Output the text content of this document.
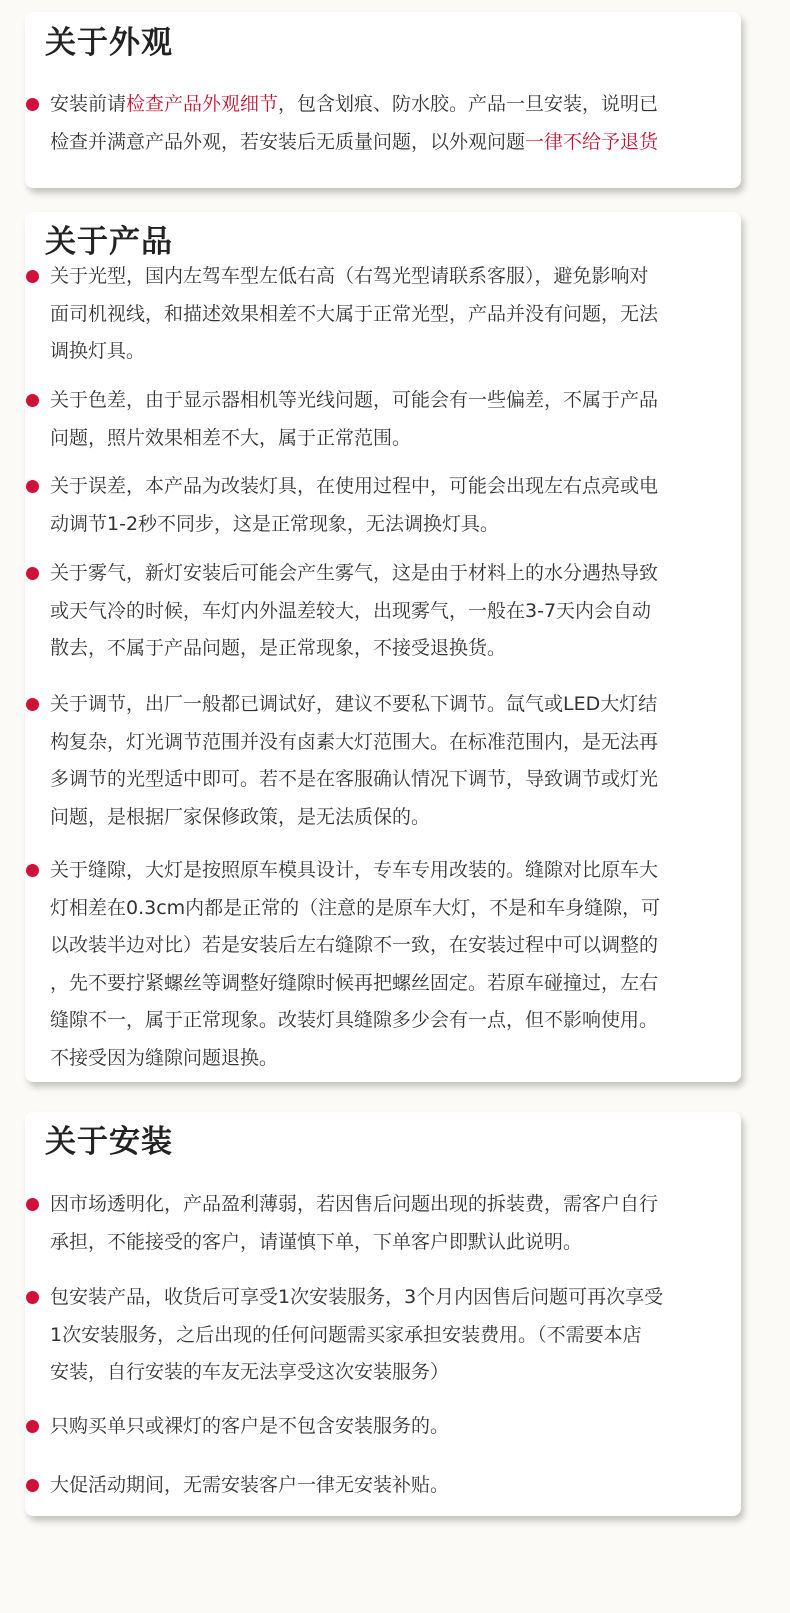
关于外观

安装前请检查产品外观细节，包含划痕、防水胶。产品一旦安装，说明已
检查并满意产品外观，若安装后无质量问题，以外观问题一律不给予退货

关于产品

关于光型，国内左驾车型左低右高（右驾光型请联系客服），避免影响对
面司机视线，和描述效果相差不大属于正常光型，产品并没有问题，无法
调换灯具。

关于色差，由于显示器相机等光线问题，可能会有一些偏差，不属于产品
问题，照片效果相差不大，属于正常范围。

关于误差，本产品为改装灯具，在使用过程中，可能会出现左右点亮或电
动调节1-2秒不同步，这是正常现象，无法调换灯具。

关于雾气，新灯安装后可能会产生雾气，这是由于材料上的水分遇热导致
或天气冷的时候，车灯内外温差较大，出现雾气，一般在3-7天内会自动
散去，不属于产品问题，是正常现象，不接受退换货。

关于调节，出厂一般都已调试好，建议不要私下调节。氙气或LED大灯结
构复杂，灯光调节范围并没有卤素大灯范围大。在标准范围内，是无法再
多调节的光型适中即可。若不是在客服确认情况下调节，导致调节或灯光
问题，是根据厂家保修政策，是无法质保的。

关于缝隙，大灯是按照原车模具设计，专车专用改装的。缝隙对比原车大
灯相差在0.3cm内都是正常的（注意的是原车大灯，不是和车身缝隙，可
以改装半边对比）若是安装后左右缝隙不一致，在安装过程中可以调整的
，先不要拧紧螺丝等调整好缝隙时候再把螺丝固定。若原车碰撞过，左右
缝隙不一，属于正常现象。改装灯具缝隙多少会有一点，但不影响使用。
不接受因为缝隙问题退换。

关于安装

因市场透明化，产品盈利薄弱，若因售后问题出现的拆装费，需客户自行
承担，不能接受的客户，请谨慎下单，下单客户即默认此说明。

包安装产品，收货后可享受1次安装服务，3个月内因售后问题可再次享受
1次安装服务，之后出现的任何问题需买家承担安装费用。（不需要本店
安装，自行安装的车友无法享受这次安装服务）

只购买单只或裸灯的客户是不包含安装服务的。

大促活动期间，无需安装客户一律无安装补贴。
